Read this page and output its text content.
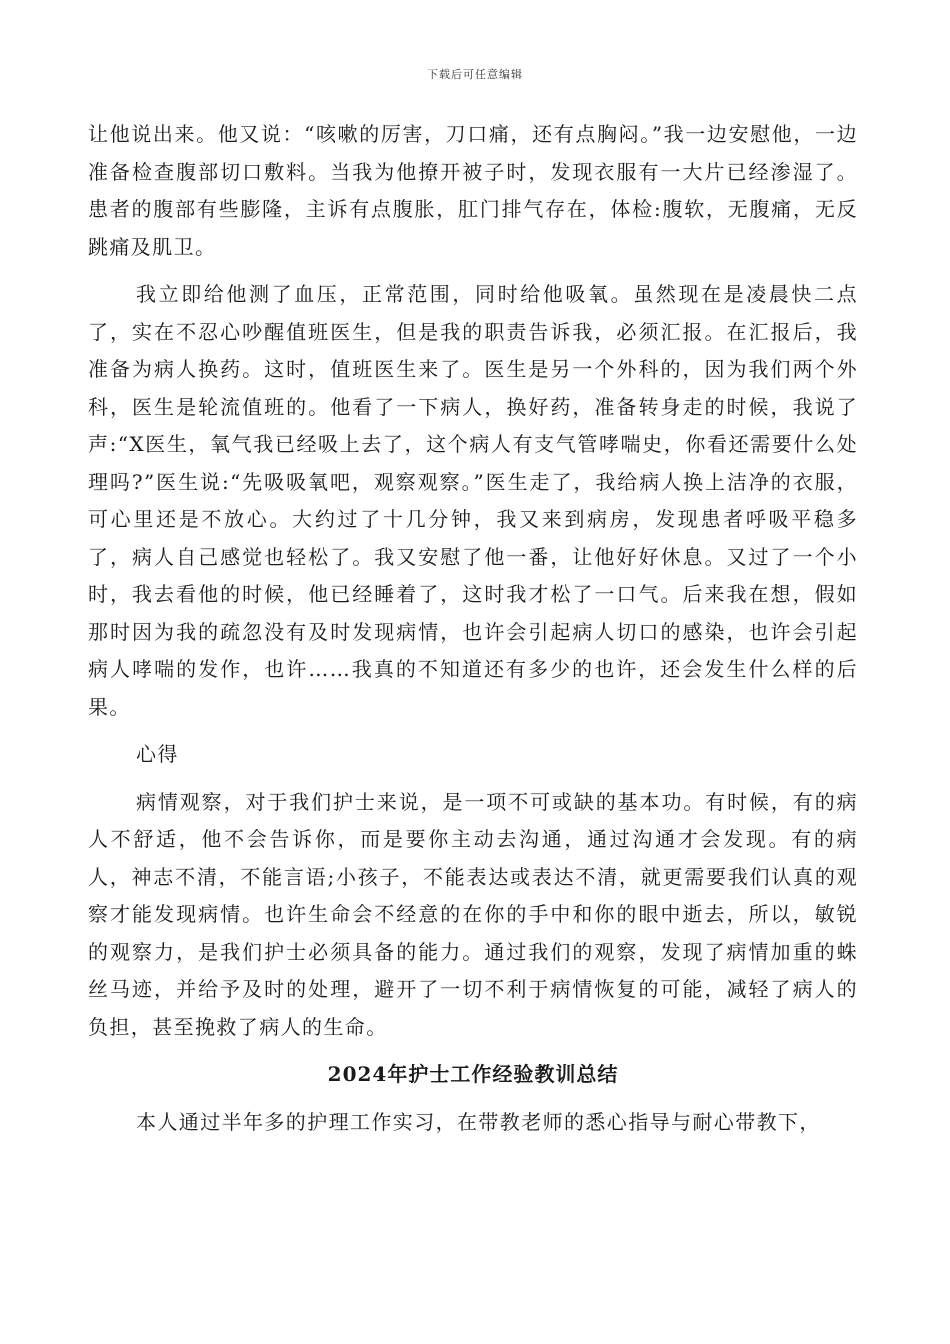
下载后可任意编辑

让他说出来。他又说：“咳嗽的厉害，刀口痛，还有点胸闷。”我一边安慰他，一边准备检查腹部切口敷料。当我为他撩开被子时，发现衣服有一大片已经渗湿了。患者的腹部有些膨隆，主诉有点腹胀，肛门排气存在，体检:腹软，无腹痛，无反跳痛及肌卫。

我立即给他测了血压，正常范围，同时给他吸氧。虽然现在是凌晨快二点了，实在不忍心吵醒值班医生，但是我的职责告诉我，必须汇报。在汇报后，我准备为病人换药。这时，值班医生来了。医生是另一个外科的，因为我们两个外科，医生是轮流值班的。他看了一下病人，换好药，准备转身走的时候，我说了声:“X医生，氧气我已经吸上去了，这个病人有支气管哮喘史，你看还需要什么处理吗?”医生说:“先吸吸氧吧，观察观察。”医生走了，我给病人换上洁净的衣服，可心里还是不放心。大约过了十几分钟，我又来到病房，发现患者呼吸平稳多了，病人自己感觉也轻松了。我又安慰了他一番，让他好好休息。又过了一个小时，我去看他的时候，他已经睡着了，这时我才松了一口气。后来我在想，假如那时因为我的疏忽没有及时发现病情，也许会引起病人切口的感染，也许会引起病人哮喘的发作，也许……我真的不知道还有多少的也许，还会发生什么样的后果。

心得

病情观察，对于我们护士来说，是一项不可或缺的基本功。有时候，有的病人不舒适，他不会告诉你，而是要你主动去沟通，通过沟通才会发现。有的病人，神志不清，不能言语;小孩子，不能表达或表达不清，就更需要我们认真的观察才能发现病情。也许生命会不经意的在你的手中和你的眼中逝去，所以，敏锐的观察力，是我们护士必须具备的能力。通过我们的观察，发现了病情加重的蛛丝马迹，并给予及时的处理，避开了一切不利于病情恢复的可能，减轻了病人的负担，甚至挽救了病人的生命。

2024年护士工作经验教训总结

本人通过半年多的护理工作实习，在带教老师的悉心指导与耐心带教下，
